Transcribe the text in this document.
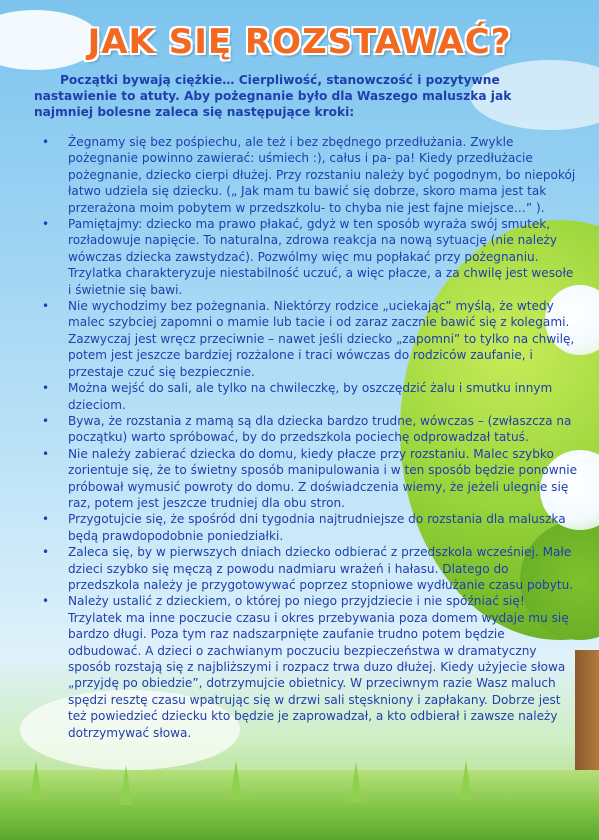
JAK SIĘ ROZSTAWAĆ?

Początki bywają ciężkie… Cierpliwość, stanowczość i pozytywne nastawienie to atuty. Aby pożegnanie było dla Waszego maluszka jak najmniej bolesne zaleca się następujące kroki:

• Żegnamy się bez pośpiechu, ale też i bez zbędnego przedłużania. Zwykle pożegnanie powinno zawierać: uśmiech :), całus i pa- pa! Kiedy przedłużacie pożegnanie, dziecko cierpi dłużej. Przy rozstaniu należy być pogodnym, bo niepokój łatwo udziela się dziecku. („ Jak mam tu bawić się dobrze, skoro mama jest tak przerażona moim pobytem w przedszkolu- to chyba nie jest fajne miejsce…” ).
• Pamiętajmy: dziecko ma prawo płakać, gdyż w ten sposób wyraża swój smutek, rozładowuje napięcie. To naturalna, zdrowa reakcja na nową sytuację (nie należy wówczas dziecka zawstydzać). Pozwólmy więc mu popłakać przy pożegnaniu. Trzylatka charakteryzuje niestabilność uczuć, a więc płacze, a za chwilę jest wesołe i świetnie się bawi.
• Nie wychodzimy bez pożegnania. Niektórzy rodzice „uciekając” myślą, że wtedy malec szybciej zapomni o mamie lub tacie i od zaraz zacznie bawić się z kolegami. Zazwyczaj jest wręcz przeciwnie – nawet jeśli dziecko „zapomni” to tylko na chwilę, potem jest jeszcze bardziej rozżalone i traci wówczas do rodziców zaufanie, i przestaje czuć się bezpiecznie.
• Można wejść do sali, ale tylko na chwileczkę, by oszczędzić żalu i smutku innym dzieciom.
• Bywa, że rozstania z mamą są dla dziecka bardzo trudne, wówczas – (zwłaszcza na początku) warto spróbować, by do przedszkola pociechę odprowadzał tatuś.
• Nie należy zabierać dziecka do domu, kiedy płacze przy rozstaniu. Malec szybko zorientuje się, że to świetny sposób manipulowania i w ten sposób będzie ponownie próbował wymusić powroty do domu. Z doświadczenia wiemy, że jeżeli ulegnie się raz, potem jest jeszcze trudniej dla obu stron.
• Przygotujcie się, że spośród dni tygodnia najtrudniejsze do rozstania dla maluszka będą prawdopodobnie poniedziałki.
• Zaleca się, by w pierwszych dniach dziecko odbierać z przedszkola wcześniej. Małe dzieci szybko się męczą z powodu nadmiaru wrażeń i hałasu. Dlatego do przedszkola należy je przygotowywać poprzez stopniowe wydłużanie czasu pobytu.
• Należy ustalić z dzieckiem, o której po niego przyjdziecie i nie spóźniać się! Trzylatek ma inne poczucie czasu i okres przebywania poza domem wydaje mu się bardzo długi. Poza tym raz nadszarpnięte zaufanie trudno potem będzie odbudować. A dzieci o zachwianym poczuciu bezpieczeństwa w dramatyczny sposób rozstają się z najbliższymi i rozpacz trwa duzo dłużej. Kiedy użyjecie słowa „przyjdę po obiedzie”, dotrzymujcie obietnicy. W przeciwnym razie Wasz maluch spędzi resztę czasu wpatrując się w drzwi sali stęskniony i zapłakany. Dobrze jest też powiedzieć dziecku kto będzie je zaprowadzał, a kto odbierał i zawsze należy dotrzymywać słowa.
